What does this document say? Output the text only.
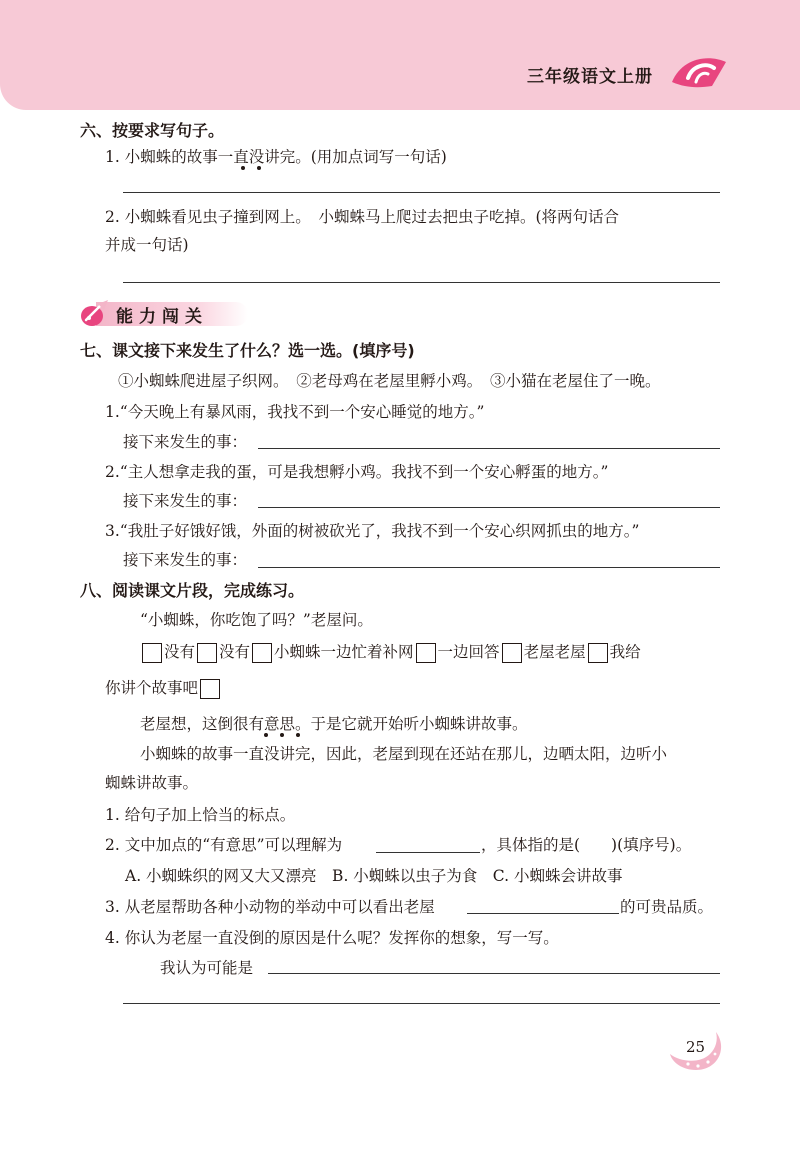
三年级语文上册
六、按要求写句子。
1. 小蜘蛛的故事一直没讲完。(用加点词写一句话)
2. 小蜘蛛看见虫子撞到网上。　小蜘蛛马上爬过去把虫子吃掉。(将两句话合
并成一句话)
能力闯关
七、课文接下来发生了什么？选一选。(填序号)
①小蜘蛛爬进屋子织网。　②老母鸡在老屋里孵小鸡。　③小猫在老屋住了一晚。
1.“今天晚上有暴风雨，我找不到一个安心睡觉的地方。”
接下来发生的事：
2.“主人想拿走我的蛋，可是我想孵小鸡。我找不到一个安心孵蛋的地方。”
接下来发生的事：
3.“我肚子好饿好饿，外面的树被砍光了，我找不到一个安心织网抓虫的地方。”
接下来发生的事：
八、阅读课文片段，完成练习。
“小蜘蛛，你吃饱了吗？”老屋问。
没有 没有 小蜘蛛一边忙着补网 一边回答 老屋老屋 我给
你讲个故事吧
老屋想，这倒很有意思。于是它就开始听小蜘蛛讲故事。
小蜘蛛的故事一直没讲完，因此，老屋到现在还站在那儿，边晒太阳，边听小
蜘蛛讲故事。
1. 给句子加上恰当的标点。
2. 文中加点的“有意思”可以理解为	，具体指的是(　　)(填序号)。
A. 小蜘蛛织的网又大又漂亮　B. 小蜘蛛以虫子为食　C. 小蜘蛛会讲故事
3. 从老屋帮助各种小动物的举动中可以看出老屋	的可贵品质。
4. 你认为老屋一直没倒的原因是什么呢？发挥你的想象，写一写。
我认为可能是
25
